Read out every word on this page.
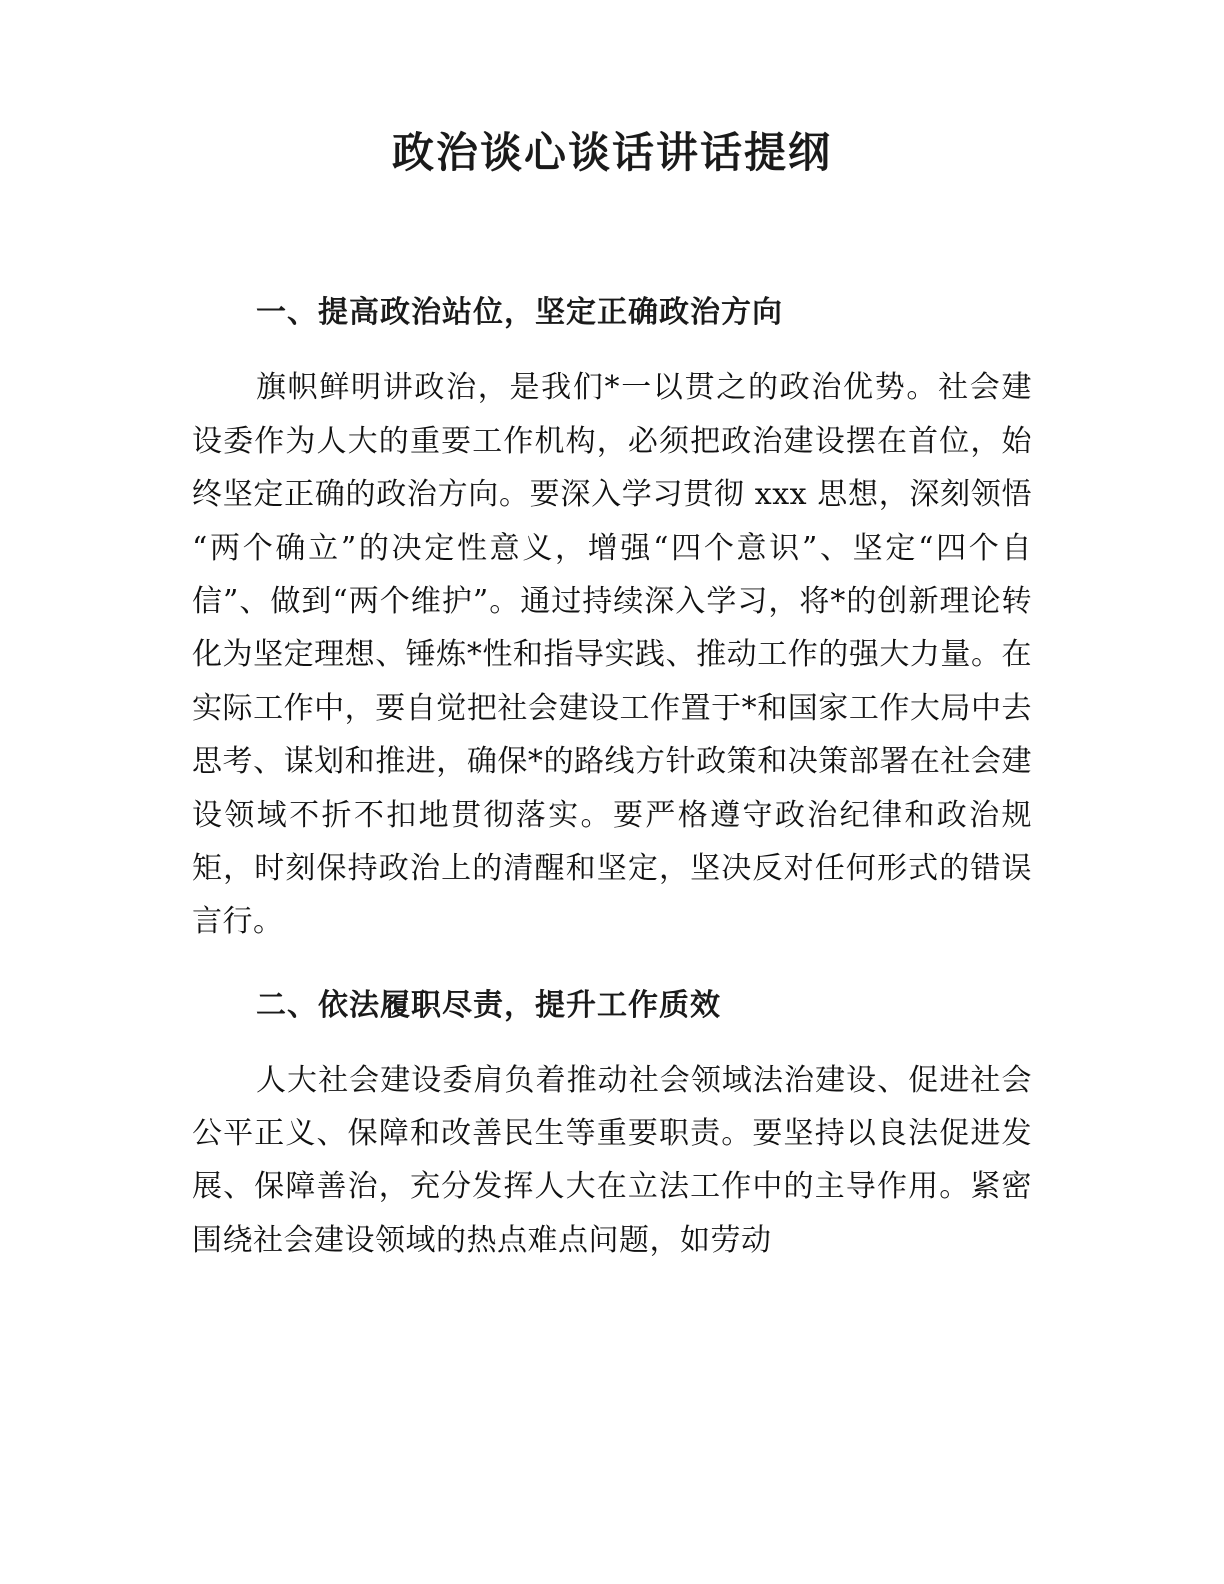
政治谈心谈话讲话提纲
一、提高政治站位，坚定正确政治方向
旗帜鲜明讲政治，是我们*一以贯之的政治优势。社会建设委作为人大的重要工作机构，必须把政治建设摆在首位，始终坚定正确的政治方向。要深入学习贯彻 xxx 思想，深刻领悟“两个确立”的决定性意义，增强“四个意识”、坚定“四个自信”、做到“两个维护”。通过持续深入学习，将*的创新理论转化为坚定理想、锤炼*性和指导实践、推动工作的强大力量。在实际工作中，要自觉把社会建设工作置于*和国家工作大局中去思考、谋划和推进，确保*的路线方针政策和决策部署在社会建设领域不折不扣地贯彻落实。要严格遵守政治纪律和政治规矩，时刻保持政治上的清醒和坚定，坚决反对任何形式的错误言行。
二、依法履职尽责，提升工作质效
人大社会建设委肩负着推动社会领域法治建设、促进社会公平正义、保障和改善民生等重要职责。要坚持以良法促进发展、保障善治，充分发挥人大在立法工作中的主导作用。紧密围绕社会建设领域的热点难点问题，如劳动
